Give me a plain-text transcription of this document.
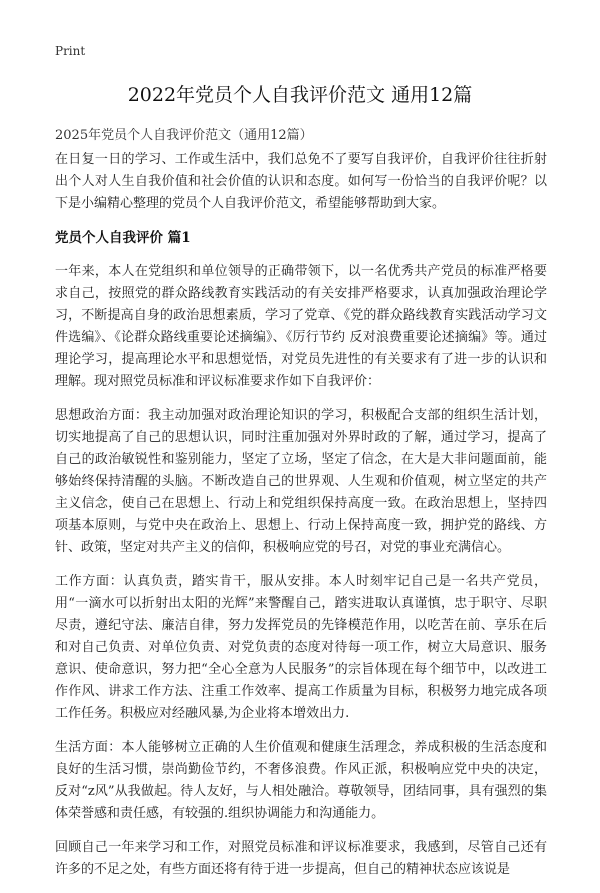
Print
2022年党员个人自我评价范文 通用12篇
2025年党员个人自我评价范文（通用12篇）

在日复一日的学习、工作或生活中，我们总免不了要写自我评价，自我评价往往折射出个人对人生自我价值和社会价值的认识和态度。如何写一份恰当的自我评价呢？以下是小编精心整理的党员个人自我评价范文，希望能够帮助到大家。

党员个人自我评价 篇1

一年来，本人在党组织和单位领导的正确带领下，以一名优秀共产党员的标准严格要求自己，按照党的群众路线教育实践活动的有关安排严格要求，认真加强政治理论学习，不断提高自身的政治思想素质，学习了党章、《党的群众路线教育实践活动学习文件选编》、《论群众路线重要论述摘编》、《厉行节约 反对浪费重要论述摘编》等。通过理论学习，提高理论水平和思想觉悟，对党员先进性的有关要求有了进一步的认识和理解。现对照党员标准和评议标准要求作如下自我评价：

思想政治方面：我主动加强对政治理论知识的学习，积极配合支部的组织生活计划，切实地提高了自己的思想认识，同时注重加强对外界时政的了解，通过学习，提高了自己的政治敏锐性和鉴别能力，坚定了立场，坚定了信念，在大是大非问题面前，能够始终保持清醒的头脑。不断改造自己的世界观、人生观和价值观，树立坚定的共产主义信念，使自己在思想上、行动上和党组织保持高度一致。在政治思想上，坚持四项基本原则，与党中央在政治上、思想上、行动上保持高度一致，拥护党的路线、方针、政策，坚定对共产主义的信仰，积极响应党的号召，对党的事业充满信心。

工作方面：认真负责，踏实肯干，服从安排。本人时刻牢记自己是一名共产党员，用“一滴水可以折射出太阳的光辉”来警醒自己，踏实进取认真谨慎，忠于职守、尽职尽责，遵纪守法、廉洁自律，努力发挥党员的先锋模范作用，以吃苦在前、享乐在后和对自己负责、对单位负责、对党负责的态度对待每一项工作，树立大局意识、服务意识、使命意识，努力把“全心全意为人民服务”的宗旨体现在每个细节中，以改进工作作风、讲求工作方法、注重工作效率、提高工作质量为目标，积极努力地完成各项工作任务。积极应对经融风暴,为企业将本增效出力.

生活方面：本人能够树立正确的人生价值观和健康生活理念，养成积极的生活态度和良好的生活习惯，崇尚勤俭节约，不奢侈浪费。作风正派，积极响应党中央的决定，反对“z风”从我做起。待人友好，与人相处融洽。尊敬领导，团结同事，具有强烈的集体荣誉感和责任感，有较强的.组织协调能力和沟通能力。

回顾自己一年来学习和工作，对照党员标准和评议标准要求，我感到，尽管自己还有许多的不足之处，有些方面还将有待于进一步提高，但自己的精神状态应该说是
